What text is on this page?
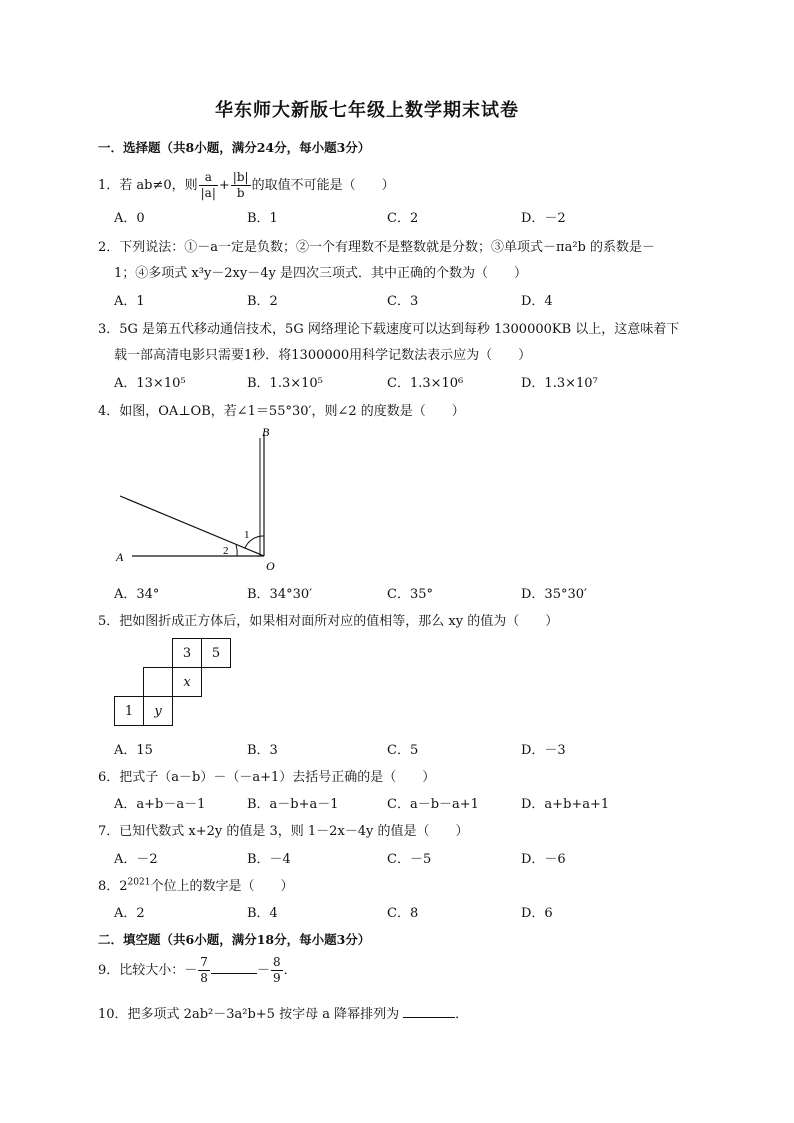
华东师大新版七年级上数学期末试卷
一．选择题（共8小题，满分24分，每小题3分）
1．若 ab≠0，则 $\frac{a}{|a|} + \frac{|b|}{b}$ 的取值不可能是（　　）
A．0	B．1	C．2	D．－2
2．下列说法：①－a一定是负数；②一个有理数不是整数就是分数；③单项式－πa²b 的系数是－
1；④多项式 x³y－2xy－4y 是四次三项式．其中正确的个数为（　　）
A．1	B．2	C．3	D．4
3．5G 是第五代移动通信技术，5G 网络理论下载速度可以达到每秒 1300000KB 以上，这意味着下
载一部高清电影只需要1秒．将1300000用科学记数法表示应为（　　）
A．13×10⁵	B．1.3×10⁵	C．1.3×10⁶	D．1.3×10⁷
4．如图，OA⊥OB，若∠1＝55°30′，则∠2 的度数是（　　）
B
A
O
1
2
A．34°	B．34°30′	C．35°	D．35°30′
5．把如图折成正方体后，如果相对面所对应的值相等，那么 xy 的值为（　　）
		3	5
		x	
1	y		
A．15	B．3	C．5	D．－3
6．把式子（a－b）－（－a+1）去括号正确的是（　　）
A．a+b－a－1	B．a－b+a－1	C．a－b－a+1	D．a+b+a+1
7．已知代数式 x+2y 的值是 3，则 1－2x－4y 的值是（　　）
A．－2	B．－4	C．－5	D．－6
8．$2^{2021}$个位上的数字是（　　）
A．2	B．4	C．8	D．6
二．填空题（共6小题，满分18分，每小题3分）
9．比较大小：－ $\frac{7}{8}$	－ $\frac{8}{9}$ ．
10．把多项式 2ab²－3a²b+5 按字母 a 降幂排列为	．
